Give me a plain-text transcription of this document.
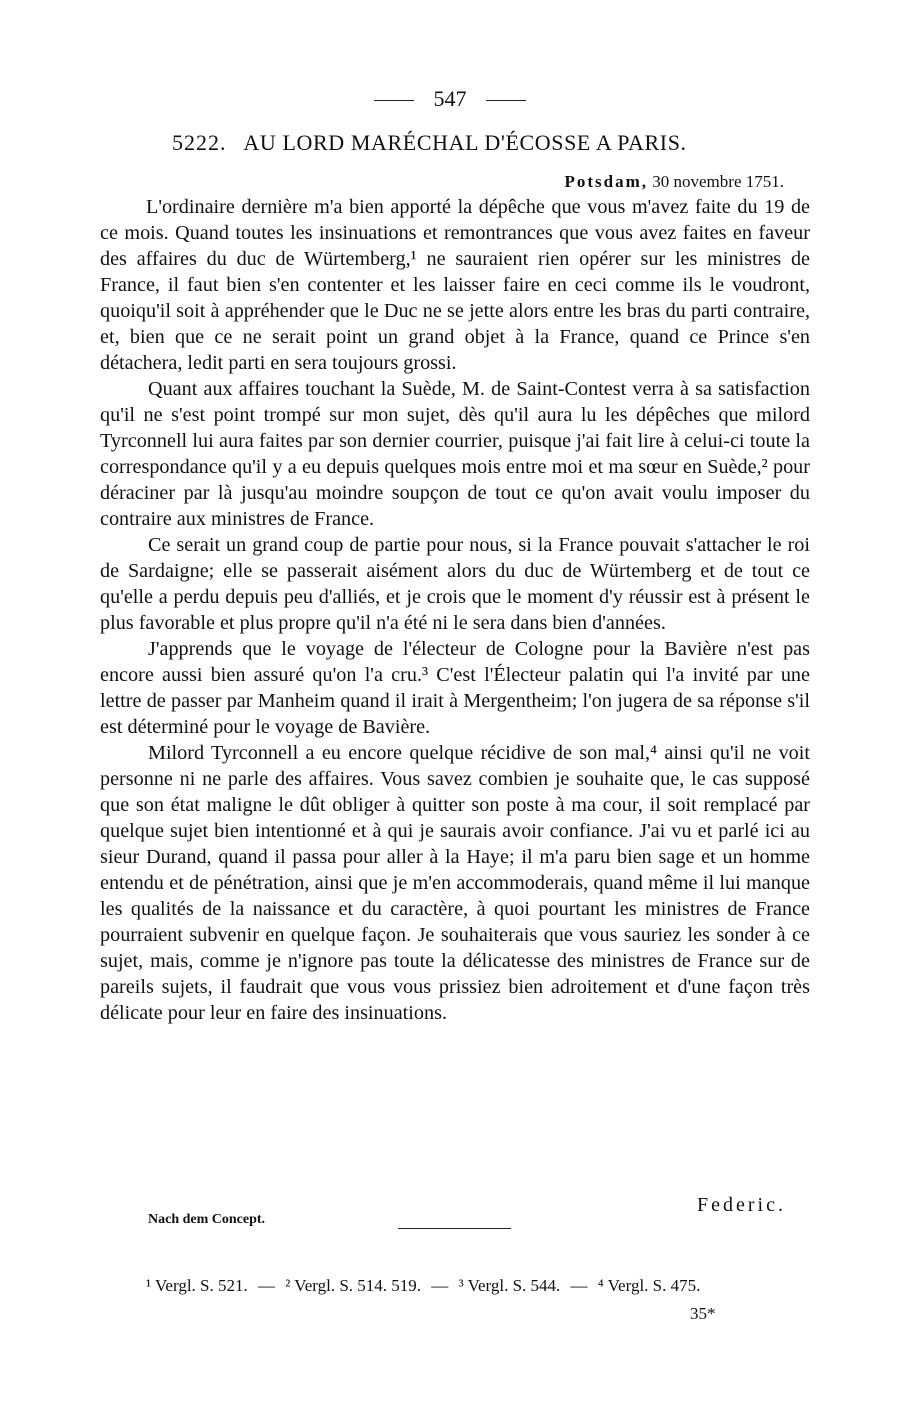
547
5222. AU LORD MARÉCHAL D'ÉCOSSE A PARIS.
Potsdam, 30 novembre 1751.

L'ordinaire dernière m'a bien apporté la dépêche que vous m'avez faite du 19 de ce mois. Quand toutes les insinuations et remontrances que vous avez faites en faveur des affaires du duc de Würtemberg,¹ ne sauraient rien opérer sur les ministres de France, il faut bien s'en contenter et les laisser faire en ceci comme ils le voudront, quoiqu'il soit à appréhender que le Duc ne se jette alors entre les bras du parti contraire, et, bien que ce ne serait point un grand objet à la France, quand ce Prince s'en détachera, ledit parti en sera toujours grossi.

Quant aux affaires touchant la Suède, M. de Saint-Contest verra à sa satisfaction qu'il ne s'est point trompé sur mon sujet, dès qu'il aura lu les dépêches que milord Tyrconnell lui aura faites par son dernier courrier, puisque j'ai fait lire à celui-ci toute la correspondance qu'il y a eu depuis quelques mois entre moi et ma sœur en Suède,² pour déraciner par là jusqu'au moindre soupçon de tout ce qu'on avait voulu imposer du contraire aux ministres de France.

Ce serait un grand coup de partie pour nous, si la France pouvait s'attacher le roi de Sardaigne; elle se passerait aisément alors du duc de Würtemberg et de tout ce qu'elle a perdu depuis peu d'alliés, et je crois que le moment d'y réussir est à présent le plus favorable et plus propre qu'il n'a été ni le sera dans bien d'années.

J'apprends que le voyage de l'électeur de Cologne pour la Bavière n'est pas encore aussi bien assuré qu'on l'a cru.³ C'est l'Électeur palatin qui l'a invité par une lettre de passer par Manheim quand il irait à Mergentheim; l'on jugera de sa réponse s'il est déterminé pour le voyage de Bavière.

Milord Tyrconnell a eu encore quelque récidive de son mal,⁴ ainsi qu'il ne voit personne ni ne parle des affaires. Vous savez combien je souhaite que, le cas supposé que son état maligne le dût obliger à quitter son poste à ma cour, il soit remplacé par quelque sujet bien intentionné et à qui je saurais avoir confiance. J'ai vu et parlé ici au sieur Durand, quand il passa pour aller à la Haye; il m'a paru bien sage et un homme entendu et de pénétration, ainsi que je m'en accommoderais, quand même il lui manque les qualités de la naissance et du caractère, à quoi pourtant les ministres de France pourraient subvenir en quelque façon. Je souhaiterais que vous sauriez les sonder à ce sujet, mais, comme je n'ignore pas toute la délicatesse des ministres de France sur de pareils sujets, il faudrait que vous vous prissiez bien adroitement et d'une façon très délicate pour leur en faire des insinuations.

Federic.
Nach dem Concept.
¹ Vergl. S. 521. — ² Vergl. S. 514. 519. — ³ Vergl. S. 544. — ⁴ Vergl. S. 475.
35*
